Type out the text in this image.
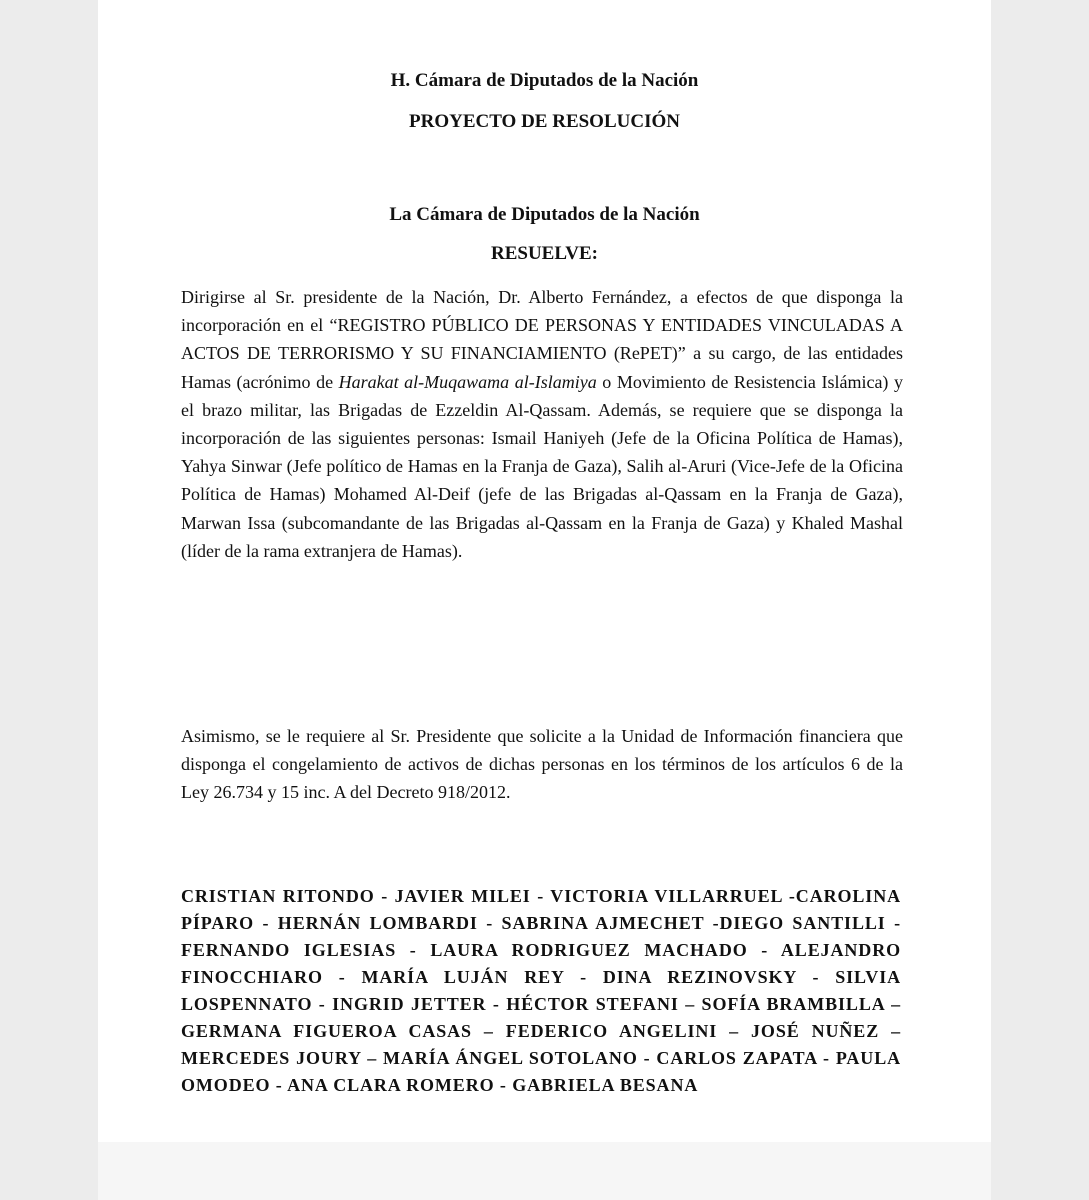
H. Cámara de Diputados de la Nación
PROYECTO DE RESOLUCIÓN
La Cámara de Diputados de la Nación
RESUELVE:

Dirigirse al Sr. presidente de la Nación, Dr. Alberto Fernández, a efectos de que disponga la incorporación en el “REGISTRO PÚBLICO DE PERSONAS Y ENTIDADES VINCULADAS A ACTOS DE TERRORISMO Y SU FINANCIAMIENTO (RePET)” a su cargo, de las entidades Hamas (acrónimo de Harakat al-Muqawama al-Islamiya o Movimiento de Resistencia Islámica) y el brazo militar, las Brigadas de Ezzeldin Al-Qassam. Además, se requiere que se disponga la incorporación de las siguientes personas: Ismail Haniyeh (Jefe de la Oficina Política de Hamas), Yahya Sinwar (Jefe político de Hamas en la Franja de Gaza), Salih al-Aruri (Vice-Jefe de la Oficina Política de Hamas) Mohamed Al-Deif (jefe de las Brigadas al-Qassam en la Franja de Gaza), Marwan Issa (subcomandante de las Brigadas al-Qassam en la Franja de Gaza) y Khaled Mashal (líder de la rama extranjera de Hamas).

Asimismo, se le requiere al Sr. Presidente que solicite a la Unidad de Información financiera que disponga el congelamiento de activos de dichas personas en los términos de los artículos 6 de la Ley 26.734 y 15 inc. A del Decreto 918/2012.

CRISTIAN RITONDO - JAVIER MILEI - VICTORIA VILLARRUEL -CAROLINA PÍPARO - HERNÁN LOMBARDI - SABRINA AJMECHET -DIEGO SANTILLI - FERNANDO IGLESIAS - LAURA RODRIGUEZ MACHADO - ALEJANDRO FINOCCHIARO - MARÍA LUJÁN REY - DINA REZINOVSKY - SILVIA LOSPENNATO - INGRID JETTER - HÉCTOR STEFANI – SOFÍA BRAMBILLA – GERMANA FIGUEROA CASAS – FEDERICO ANGELINI – JOSÉ NUÑEZ – MERCEDES JOURY – MARÍA ÁNGEL SOTOLANO - CARLOS ZAPATA - PAULA OMODEO - ANA CLARA ROMERO - GABRIELA BESANA
